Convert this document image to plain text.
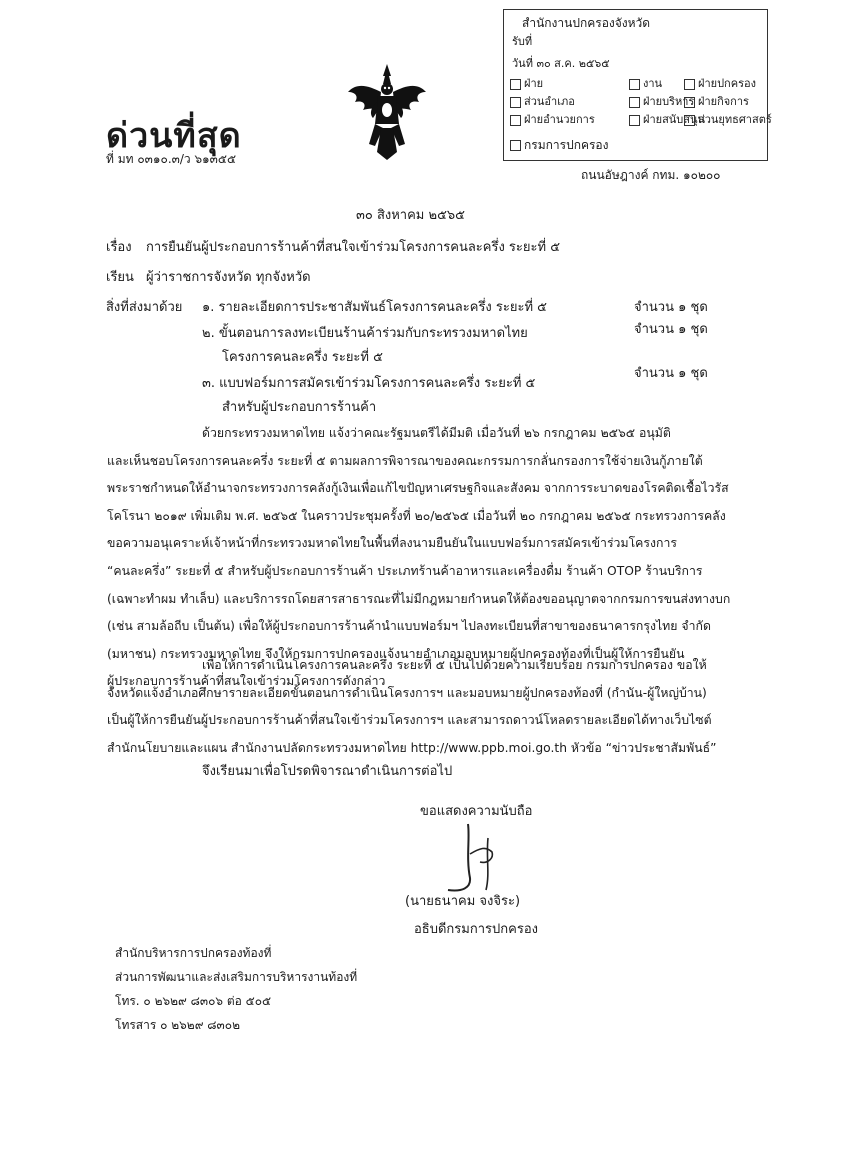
ด่วนที่สุด
ที่ มท ๐๓๑๐.๓/ว ๖๑๓๕๕
สำนักงานปกครองจังหวัด
รับที่
วันที่ ๓๐ ส.ค. ๒๕๖๕
ฝ่าย
ส่วนอำเภอ
ฝ่ายอำนวยการ
งาน
ฝ่ายบริหาร
ฝ่ายสนับสนุน
ฝ่ายปกครอง
ฝ่ายกิจการ
ส่วนยุทธศาสตร์
กรมการปกครอง
ถนนอัษฎางค์ กทม. ๑๐๒๐๐
๓๐ สิงหาคม ๒๕๖๕
เรื่อง การยืนยันผู้ประกอบการร้านค้าที่สนใจเข้าร่วมโครงการคนละครึ่ง ระยะที่ ๕
เรียน ผู้ว่าราชการจังหวัด ทุกจังหวัด
สิ่งที่ส่งมาด้วย ๑. รายละเอียดการประชาสัมพันธ์โครงการคนละครึ่ง ระยะที่ ๕	จำนวน ๑ ชุด
๒. ขั้นตอนการลงทะเบียนร้านค้าร่วมกับกระทรวงมหาดไทย	จำนวน ๑ ชุด
โครงการคนละครึ่ง ระยะที่ ๕
๓. แบบฟอร์มการสมัครเข้าร่วมโครงการคนละครึ่ง ระยะที่ ๕
จำนวน ๑ ชุด
สำหรับผู้ประกอบการร้านค้า
ด้วยกระทรวงมหาดไทย แจ้งว่าคณะรัฐมนตรีได้มีมติ เมื่อวันที่ ๒๖ กรกฎาคม ๒๕๖๕ อนุมัติ
และเห็นชอบโครงการคนละครึ่ง ระยะที่ ๕ ตามผลการพิจารณาของคณะกรรมการกลั่นกรองการใช้จ่ายเงินกู้ภายใต้
พระราชกำหนดให้อำนาจกระทรวงการคลังกู้เงินเพื่อแก้ไขปัญหาเศรษฐกิจและสังคม จากการระบาดของโรคติดเชื้อไวรัส
โคโรนา ๒๐๑๙ เพิ่มเติม พ.ศ. ๒๕๖๕ ในคราวประชุมครั้งที่ ๒๐/๒๕๖๕ เมื่อวันที่ ๒๐ กรกฎาคม ๒๕๖๕ กระทรวงการคลัง
ขอความอนุเคราะห์เจ้าหน้าที่กระทรวงมหาดไทยในพื้นที่ลงนามยืนยันในแบบฟอร์มการสมัครเข้าร่วมโครงการ
“คนละครึ่ง” ระยะที่ ๕ สำหรับผู้ประกอบการร้านค้า ประเภทร้านค้าอาหารและเครื่องดื่ม ร้านค้า OTOP ร้านบริการ
(เฉพาะทำผม ทำเล็บ) และบริการรถโดยสารสาธารณะที่ไม่มีกฎหมายกำหนดให้ต้องขออนุญาตจากกรมการขนส่งทางบก
(เช่น สามล้อถีบ เป็นต้น) เพื่อให้ผู้ประกอบการร้านค้านำแบบฟอร์มฯ ไปลงทะเบียนที่สาขาของธนาคารกรุงไทย จำกัด
(มหาชน) กระทรวงมหาดไทย จึงให้กรมการปกครองแจ้งนายอำเภอมอบหมายผู้ปกครองท้องที่เป็นผู้ให้การยืนยัน
ผู้ประกอบการร้านค้าที่สนใจเข้าร่วมโครงการดังกล่าว
เพื่อให้การดำเนินโครงการคนละครึ่ง ระยะที่ ๕ เป็นไปด้วยความเรียบร้อย กรมการปกครอง ขอให้
จังหวัดแจ้งอำเภอศึกษารายละเอียดขั้นตอนการดำเนินโครงการฯ และมอบหมายผู้ปกครองท้องที่ (กำนัน-ผู้ใหญ่บ้าน)
เป็นผู้ให้การยืนยันผู้ประกอบการร้านค้าที่สนใจเข้าร่วมโครงการฯ และสามารถดาวน์โหลดรายละเอียดได้ทางเว็บไซต์
สำนักนโยบายและแผน สำนักงานปลัดกระทรวงมหาดไทย http://www.ppb.moi.go.th หัวข้อ “ข่าวประชาสัมพันธ์”
จึงเรียนมาเพื่อโปรดพิจารณาดำเนินการต่อไป
ขอแสดงความนับถือ
(นายธนาคม จงจิระ)
อธิบดีกรมการปกครอง
สำนักบริหารการปกครองท้องที่
ส่วนการพัฒนาและส่งเสริมการบริหารงานท้องที่
โทร. ๐ ๒๖๒๙ ๘๓๐๖ ต่อ ๕๐๕
โทรสาร ๐ ๒๖๒๙ ๘๓๐๒
